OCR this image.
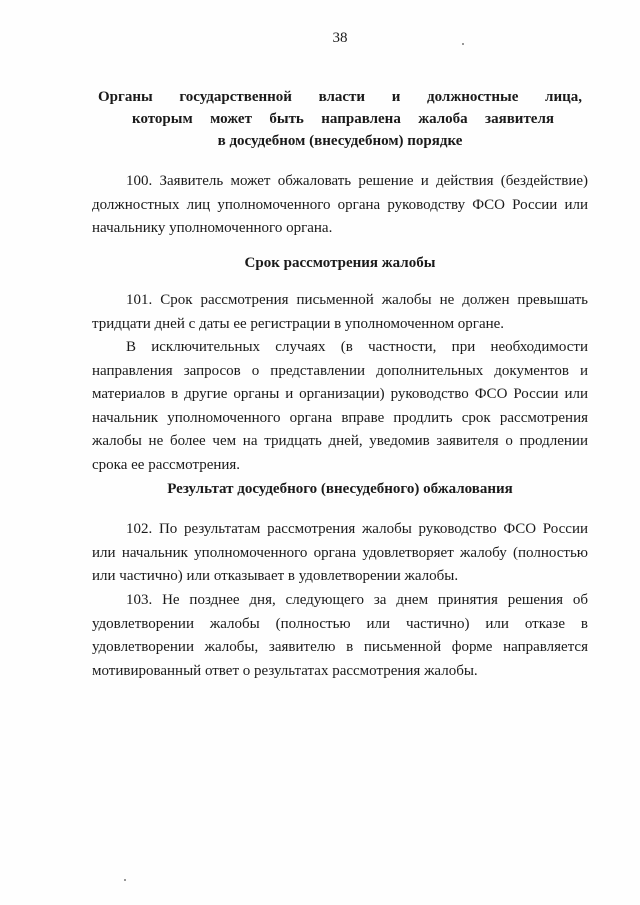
38
Органы государственной власти и должностные лица,
которым может быть направлена жалоба заявителя
в досудебном (внесудебном) порядке
100. Заявитель может обжаловать решение и действия (бездействие) должностных лиц уполномоченного органа руководству ФСО России или начальнику уполномоченного органа.
Срок рассмотрения жалобы
101. Срок рассмотрения письменной жалобы не должен превышать тридцати дней с даты ее регистрации в уполномоченном органе.
В исключительных случаях (в частности, при необходимости направления запросов о представлении дополнительных документов и материалов в другие органы и организации) руководство ФСО России или начальник уполномоченного органа вправе продлить срок рассмотрения жалобы не более чем на тридцать дней, уведомив заявителя о продлении срока ее рассмотрения.
Результат досудебного (внесудебного) обжалования
102. По результатам рассмотрения жалобы руководство ФСО России или начальник уполномоченного органа удовлетворяет жалобу (полностью или частично) или отказывает в удовлетворении жалобы.
103. Не позднее дня, следующего за днем принятия решения об удовлетворении жалобы (полностью или частично) или отказе в удовлетворении жалобы, заявителю в письменной форме направляется мотивированный ответ о результатах рассмотрения жалобы.
